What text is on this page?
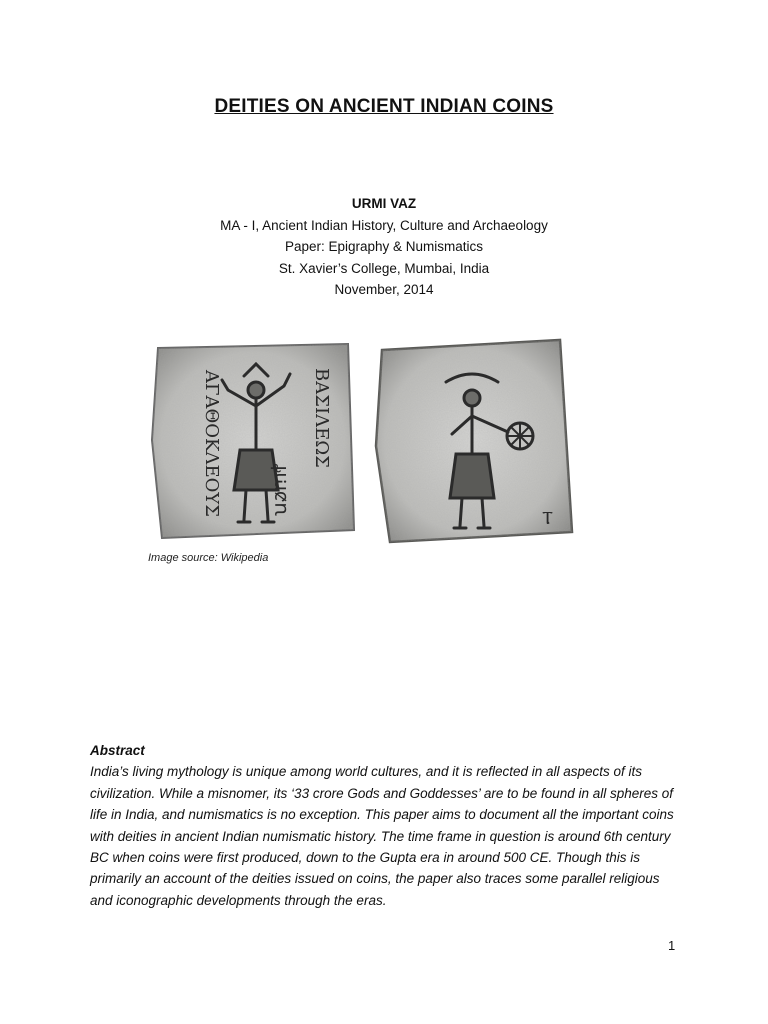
DEITIES ON ANCIENT INDIAN COINS
URMI VAZ
MA - I, Ancient Indian History, Culture and Archaeology
Paper: Epigraphy & Numismatics
St. Xavier’s College, Mumbai, India
November, 2014
ΑΓΑΘΟΚΛΕΟΥΣ	ΒΑΣΙΛΕΩΣ
ꭒꬿꭑꬷ
Ⲧ
Image source: Wikipedia
Abstract
India’s living mythology is unique among world cultures, and it is reflected in all aspects of its civilization. While a misnomer, its ‘33 crore Gods and Goddesses’ are to be found in all spheres of life in India, and numismatics is no exception. This paper aims to document all the important coins with deities in ancient Indian numismatic history. The time frame in question is around 6th century BC when coins were first produced, down to the Gupta era in around 500 CE. Though this is primarily an account of the deities issued on coins, the paper also traces some parallel religious and iconographic developments through the eras.
1
